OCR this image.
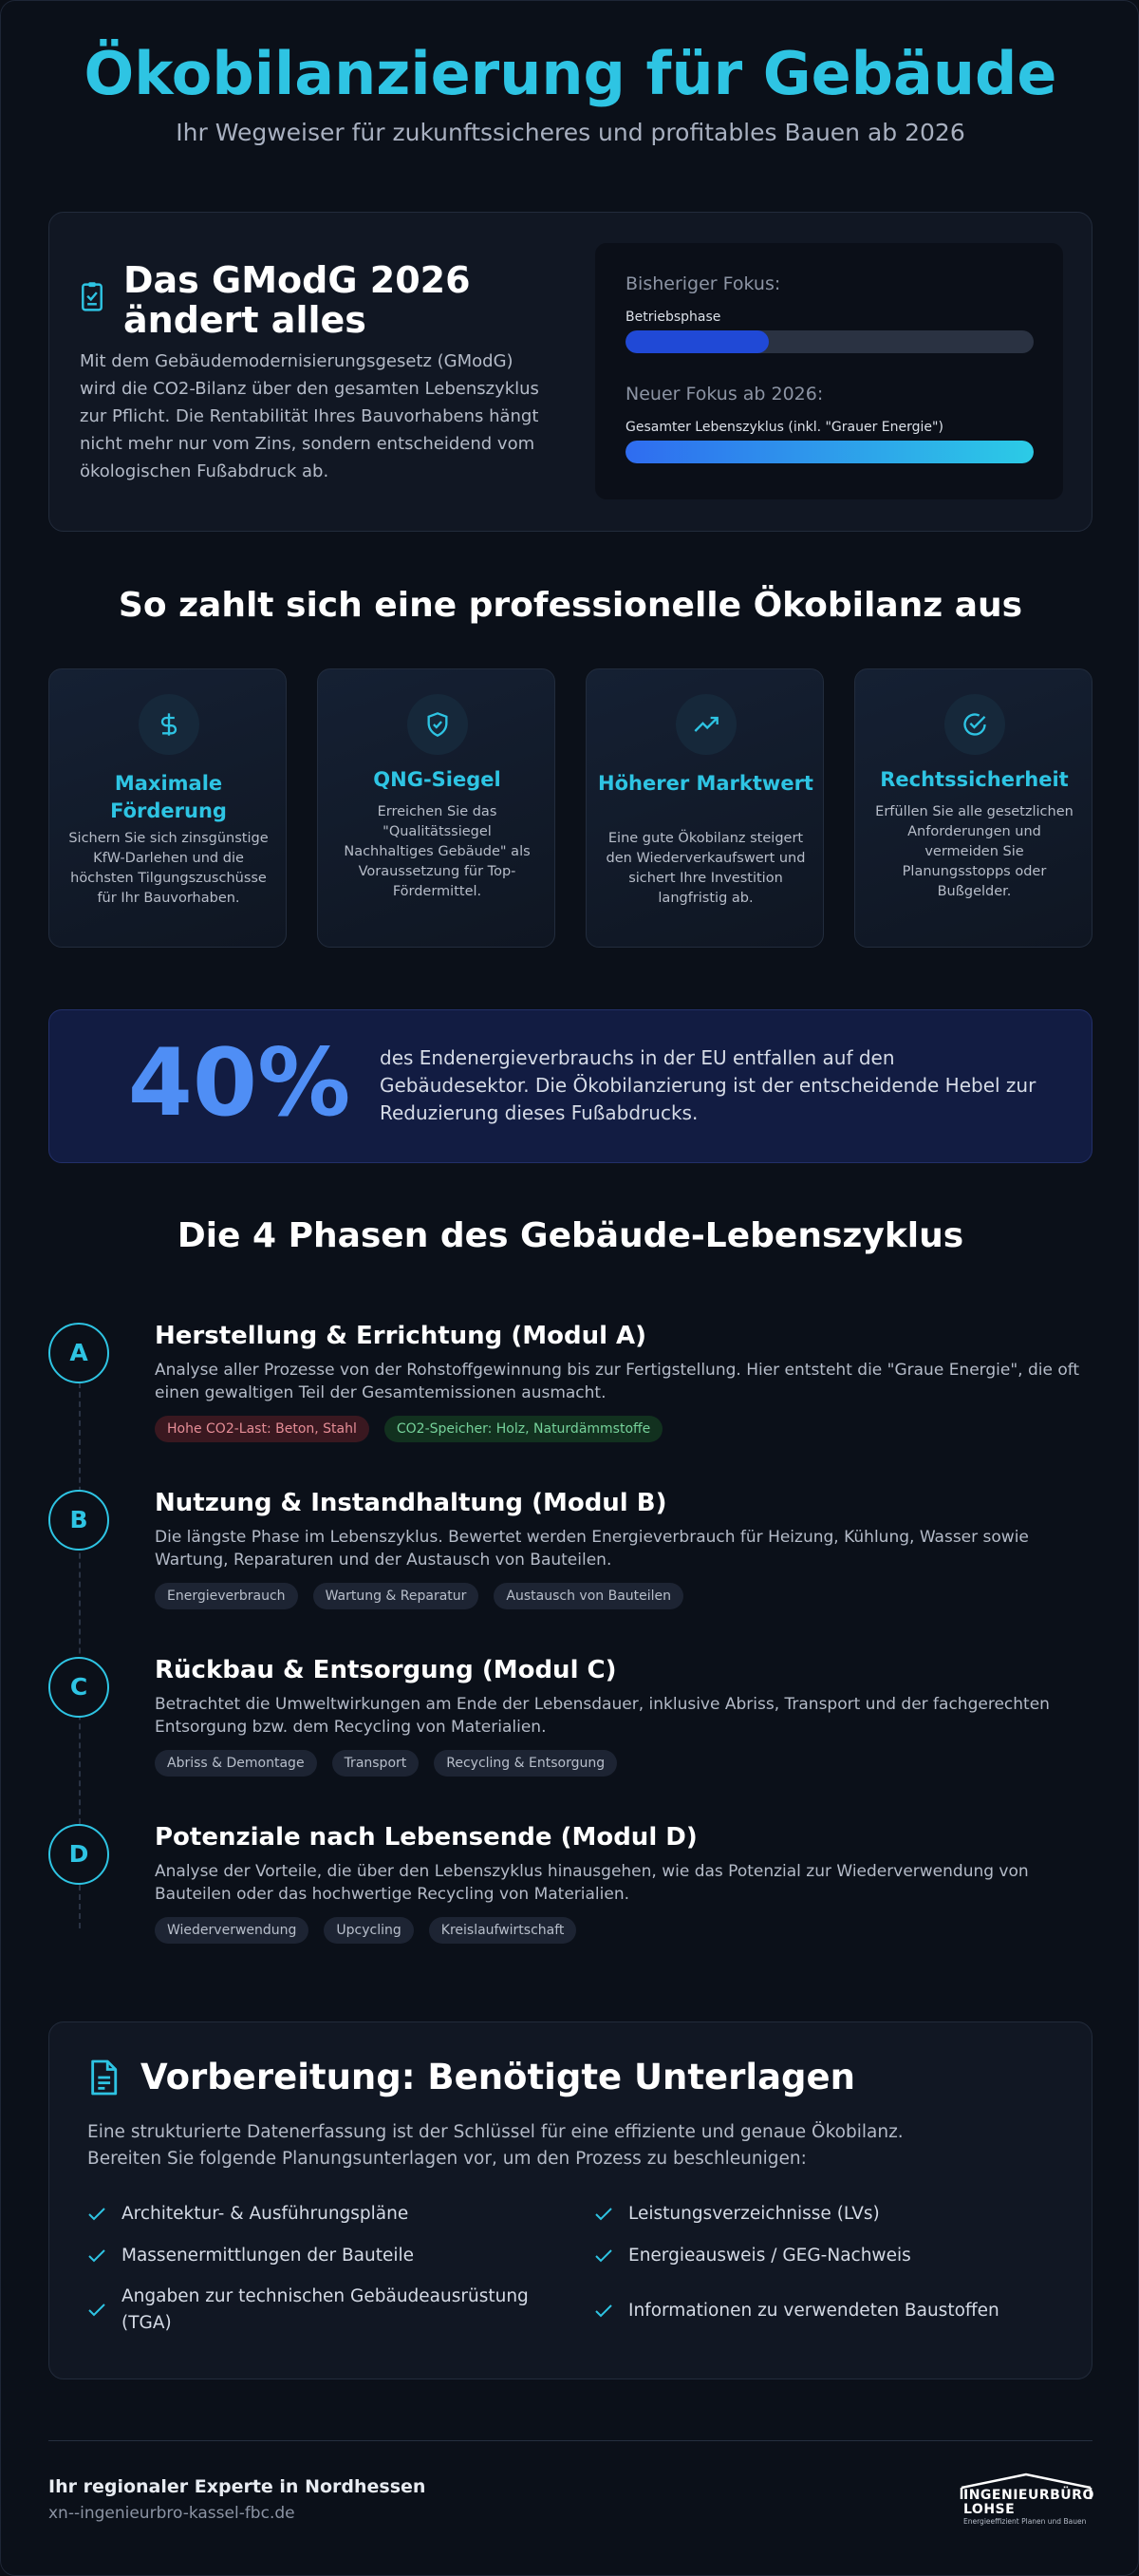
Ökobilanzierung für Gebäude
Ihr Wegweiser für zukunftssicheres und profitables Bauen ab 2026
Das GModG 2026 ändert alles

Mit dem Gebäudemodernisierungsgesetz (GModG) wird die CO2-Bilanz über den gesamten Lebenszyklus zur Pflicht. Die Rentabilität Ihres Bauvorhabens hängt nicht mehr nur vom Zins, sondern entscheidend vom ökologischen Fußabdruck ab.

Bisheriger Fokus:
Betriebsphase
Neuer Fokus ab 2026:
Gesamter Lebenszyklus (inkl. "Grauer Energie")
So zahlt sich eine professionelle Ökobilanz aus
Maximale Förderung
Sichern Sie sich zinsgünstige KfW-Darlehen und die höchsten Tilgungszuschüsse für Ihr Bauvorhaben.
QNG-Siegel
Erreichen Sie das "Qualitätssiegel Nachhaltiges Gebäude" als Voraussetzung für Top-Fördermittel.
Höherer Marktwert
Eine gute Ökobilanz steigert den Wiederverkaufswert und sichert Ihre Investition langfristig ab.
Rechtssicherheit
Erfüllen Sie alle gesetzlichen Anforderungen und vermeiden Sie Planungsstopps oder Bußgelder.
40%	des Endenergieverbrauchs in der EU entfallen auf den Gebäudesektor. Die Ökobilanzierung ist der entscheidende Hebel zur Reduzierung dieses Fußabdrucks.

Die 4 Phasen des Gebäude-Lebenszyklus
A
Herstellung & Errichtung (Modul A)

Analyse aller Prozesse von der Rohstoffgewinnung bis zur Fertigstellung. Hier entsteht die "Graue Energie", die oft einen gewaltigen Teil der Gesamtemissionen ausmacht.

Hohe CO2-Last: Beton, Stahl	CO2-Speicher: Holz, Naturdämmstoffe
B
Nutzung & Instandhaltung (Modul B)

Die längste Phase im Lebenszyklus. Bewertet werden Energieverbrauch für Heizung, Kühlung, Wasser sowie Wartung, Reparaturen und der Austausch von Bauteilen.

Energieverbrauch	Wartung & Reparatur	Austausch von Bauteilen
C
Rückbau & Entsorgung (Modul C)

Betrachtet die Umweltwirkungen am Ende der Lebensdauer, inklusive Abriss, Transport und der fachgerechten Entsorgung bzw. dem Recycling von Materialien.

Abriss & Demontage	Transport	Recycling & Entsorgung
D
Potenziale nach Lebensende (Modul D)

Analyse der Vorteile, die über den Lebenszyklus hinausgehen, wie das Potenzial zur Wiederverwendung von Bauteilen oder das hochwertige Recycling von Materialien.

Wiederverwendung	Upcycling	Kreislaufwirtschaft
Vorbereitung: Benötigte Unterlagen

Eine strukturierte Datenerfassung ist der Schlüssel für eine effiziente und genaue Ökobilanz.
Bereiten Sie folgende Planungsunterlagen vor, um den Prozess zu beschleunigen:

Architektur- & Ausführungspläne	Leistungsverzeichnisse (LVs)
Massenermittlungen der Bauteile	Energieausweis / GEG-Nachweis
Angaben zur technischen Gebäudeausrüstung (TGA)
Informationen zu verwendeten Baustoffen
Ihr regionaler Experte in Nordhessen
xn--ingenieurbro-kassel-fbc.de
INGENIEURBÜRO
LOHSE
Energieeffizient Planen und Bauen
